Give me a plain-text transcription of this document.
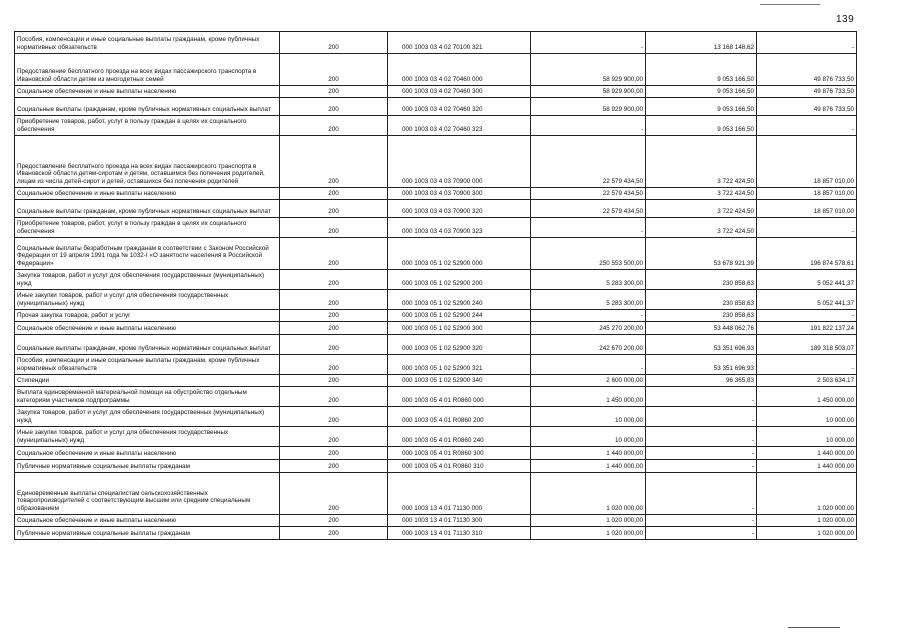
139
Пособия, компенсации и иные социальные выплаты гражданам, кроме публичных нормативных обязательств	200	000 1003 03 4 02 70100 321	-	13 168 148,62	-
Предоставление бесплатного проезда на всех видах пассажирского транспорта в Ивановской области детям из многодетных семей	200	000 1003 03 4 02 70460 000	58 929 900,00	9 053 166,50	49 876 733,50
Социальное обеспечение и иные выплаты населению	200	000 1003 03 4 02 70460 300	58 929 900,00	9 053 166,50	49 876 733,50
Социальные выплаты гражданам, кроме публичных нормативных социальных выплат	200	000 1003 03 4 02 70460 320	58 929 900,00	9 053 166,50	49 876 733,50
Приобретение товаров, работ, услуг в пользу граждан в целях их социального обеспечения	200	000 1003 03 4 02 70460 323	-	9 053 166,50	-
Предоставление бесплатного проезда на всех видах пассажирского транспорта в Ивановской области детям-сиротам и детям, оставшимся без попечения родителей, лицам из числа детей-сирот и детей, оставшихся без попечения родителей	200	000 1003 03 4 03 70900 000	22 579 434,50	3 722 424,50	18 857 010,00
Социальное обеспечение и иные выплаты населению	200	000 1003 03 4 03 70900 300	22 579 434,50	3 722 424,50	18 857 010,00
Социальные выплаты гражданам, кроме публичных нормативных социальных выплат	200	000 1003 03 4 03 70900 320	22 579 434,50	3 722 424,50	18 857 010,00
Приобретение товаров, работ, услуг в пользу граждан в целях их социального обеспечения	200	000 1003 03 4 03 70900 323	-	3 722 424,50	-
Социальные выплаты безработным гражданам в соответствии с Законом Российской Федерации от 19 апреля 1991 года № 1032-I «О занятости населения в Российской Федерации»	200	000 1003 05 1 02 52900 000	250 553 500,00	53 678 921,39	196 874 578,61
Закупка товаров, работ и услуг для обеспечения государственных (муниципальных) нужд	200	000 1003 05 1 02 52900 200	5 283 300,00	230 858,63	5 052 441,37
Иные закупки товаров, работ и услуг для обеспечения государственных (муниципальных) нужд	200	000 1003 05 1 02 52900 240	5 283 300,00	230 858,63	5 052 441,37
Прочая закупка товаров, работ и услуг	200	000 1003 05 1 02 52900 244	-	230 858,63	-
Социальное обеспечение и иные выплаты населению	200	000 1003 05 1 02 52900 300	245 270 200,00	53 448 062,76	191 822 137,24
Социальные выплаты гражданам, кроме публичных нормативных социальных выплат	200	000 1003 05 1 02 52900 320	242 670 200,00	53 351 696,93	189 318 503,07
Пособия, компенсации и иные социальные выплаты гражданам, кроме публичных нормативных обязательств	200	000 1003 05 1 02 52900 321	-	53 351 696,93	-
Стипендии	200	000 1003 05 1 02 52900 340	2 600 000,00	96 365,83	2 503 634,17
Выплата единовременной материальной помощи на обустройство отдельным категориям участников подпрограммы	200	000 1003 05 4 01 R0860 000	1 450 000,00	-	1 450 000,00
Закупка товаров, работ и услуг для обеспечения государственных (муниципальных) нужд	200	000 1003 05 4 01 R0860 200	10 000,00	-	10 000,00
Иные закупки товаров, работ и услуг для обеспечения государственных (муниципальных) нужд	200	000 1003 05 4 01 R0860 240	10 000,00	-	10 000,00
Социальное обеспечение и иные выплаты населению	200	000 1003 05 4 01 R0860 300	1 440 000,00	-	1 440 000,00
Публичные нормативные социальные выплаты гражданам	200	000 1003 05 4 01 R0860 310	1 440 000,00	-	1 440 000,00
Единовременные выплаты специалистам сельскохозяйственных товаропроизводителей с соответствующим высшим или средним специальным образованием	200	000 1003 13 4 01 71130 000	1 020 000,00	-	1 020 000,00
Социальное обеспечение и иные выплаты населению	200	000 1003 13 4 01 71130 300	1 020 000,00	-	1 020 000,00
Публичные нормативные социальные выплаты гражданам	200	000 1003 13 4 01 71130 310	1 020 000,00	-	1 020 000,00
